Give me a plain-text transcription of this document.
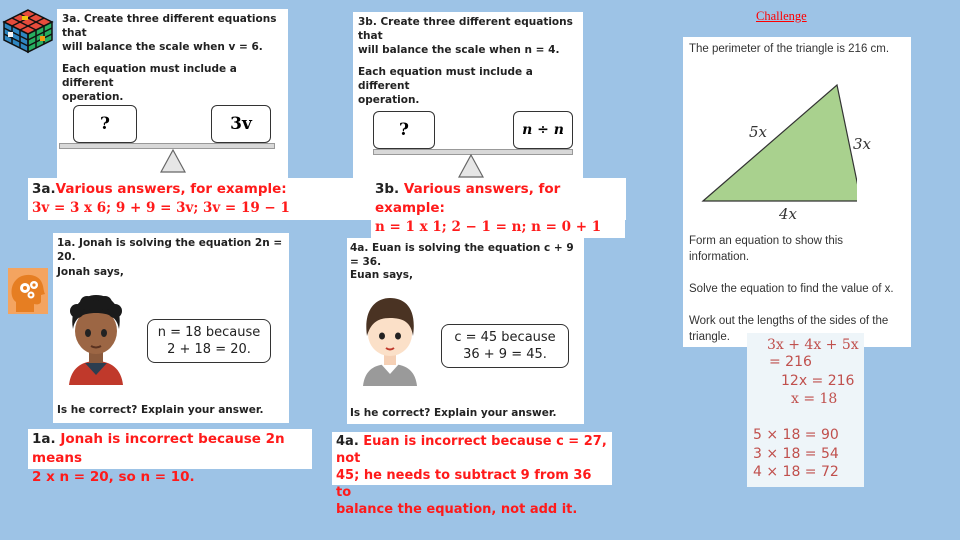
Challenge
3a. Create three different equations that
will balance the scale when v = 6.
Each equation must include a different
operation.
?	3v
3b. Create three different equations that
will balance the scale when n = 4.
Each equation must include a different
operation.
?	n ÷ n
3a.Various answers, for example:
3v = 3 x 6; 9 + 9 = 3v; 3v = 19 − 1
3b. Various answers, for example:
n = 1 x 1; 2 − 1 = n; n = 0 + 1
1a. Jonah is solving the equation 2n = 20.
Jonah says,
n = 18 because
2 + 18 = 20.
Is he correct? Explain your answer.
4a. Euan is solving the equation c + 9 = 36.
Euan says,
c = 45 because
36 + 9 = 45.
Is he correct? Explain your answer.
1a. Jonah is incorrect because 2n means
2 x n = 20, so n = 10.
4a. Euan is incorrect because c = 27, not
45; he needs to subtract 9 from 36 to
balance the equation, not add it.
The perimeter of the triangle is 216 cm.
5x
3x
4x
Form an equation to show this
information.
Solve the equation to find the value of x.
Work out the lengths of the sides of the
triangle.	3x + 4x + 5x
= 216
12x = 216
x = 18
5 × 18 = 90
3 × 18 = 54
4 × 18 = 72
